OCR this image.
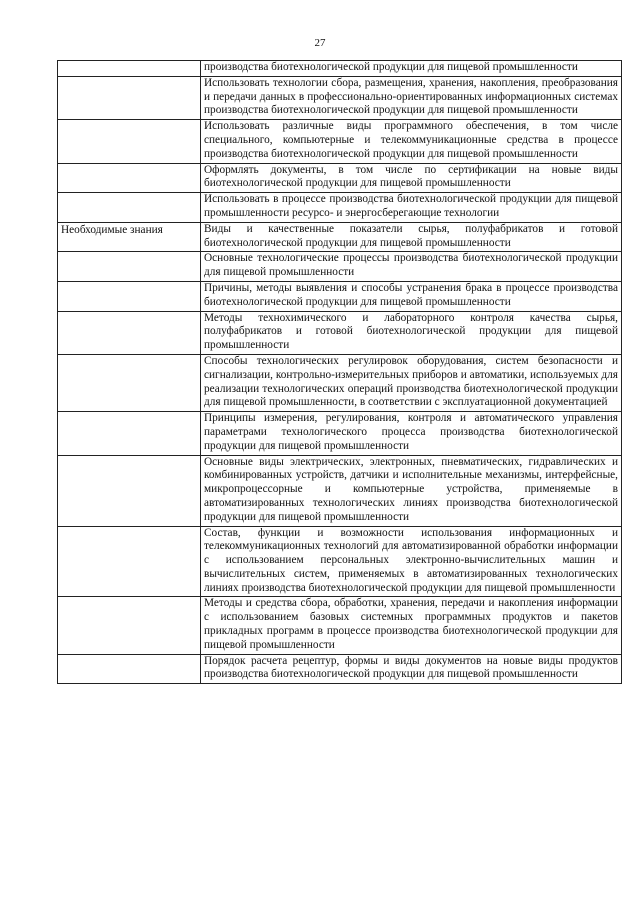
27
	производства биотехнологической продукции для пищевой промышленности
	Использовать технологии сбора, размещения, хранения, накопления, преобразования и передачи данных в профессионально-ориентированных информационных системах производства биотехнологической продукции для пищевой промышленности
	Использовать различные виды программного обеспечения, в том числе специального, компьютерные и телекоммуникационные средства в процессе производства биотехнологической продукции для пищевой промышленности
	Оформлять документы, в том числе по сертификации на новые виды биотехнологической продукции для пищевой промышленности
	Использовать в процессе производства биотехнологической продукции для пищевой промышленности ресурсо- и энергосберегающие технологии
Необходимые знания	Виды и качественные показатели сырья, полуфабрикатов и готовой биотехнологической продукции для пищевой промышленности
	Основные технологические процессы производства биотехнологической продукции для пищевой промышленности
	Причины, методы выявления и способы устранения брака в процессе производства биотехнологической продукции для пищевой промышленности
	Методы технохимического и лабораторного контроля качества сырья, полуфабрикатов и готовой биотехнологической продукции для пищевой промышленности
	Способы технологических регулировок оборудования, систем безопасности и сигнализации, контрольно-измерительных приборов и автоматики, используемых для реализации технологических операций производства биотехнологической продукции для пищевой промышленности, в соответствии с эксплуатационной документацией
	Принципы измерения, регулирования, контроля и автоматического управления параметрами технологического процесса производства биотехнологической продукции для пищевой промышленности
	Основные виды электрических, электронных, пневматических, гидравлических и комбинированных устройств, датчики и исполнительные механизмы, интерфейсные, микропроцессорные и компьютерные устройства, применяемые в автоматизированных технологических линиях производства биотехнологической продукции для пищевой промышленности
	Состав, функции и возможности использования информационных и телекоммуникационных технологий для автоматизированной обработки информации с использованием персональных электронно-вычислительных машин и вычислительных систем, применяемых в автоматизированных технологических линиях производства биотехнологической продукции для пищевой промышленности
	Методы и средства сбора, обработки, хранения, передачи и накопления информации с использованием базовых системных программных продуктов и пакетов прикладных программ в процессе производства биотехнологической продукции для пищевой промышленности
	Порядок расчета рецептур, формы и виды документов на новые виды продуктов производства биотехнологической продукции для пищевой промышленности
